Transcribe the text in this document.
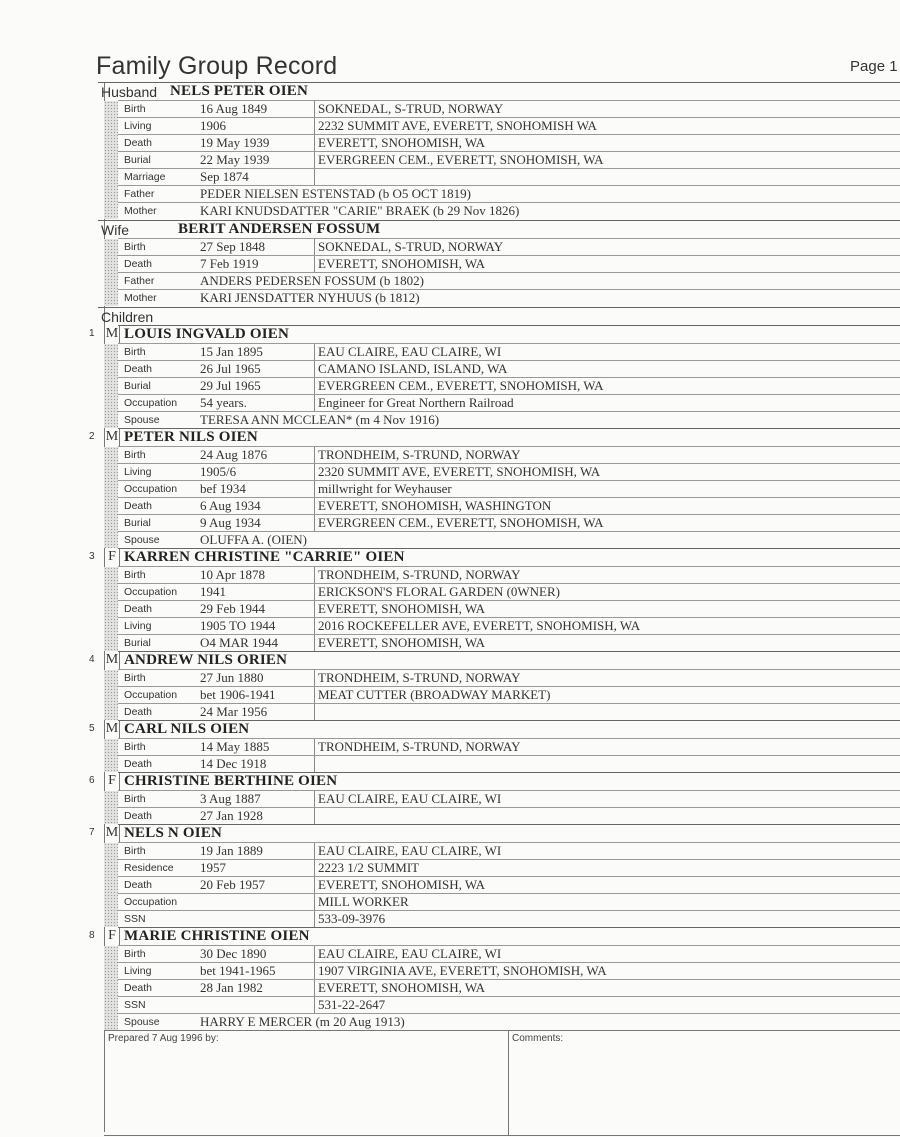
Family Group Record	Page 1
Husband NELS PETER OIEN
Birth	16 Aug 1849	SOKNEDAL, S-TRUD, NORWAY
Living	1906	2232 SUMMIT AVE, EVERETT, SNOHOMISH WA
Death	19 May 1939	EVERETT, SNOHOMISH, WA
Burial	22 May 1939	EVERGREEN CEM., EVERETT, SNOHOMISH, WA
Marriage	Sep 1874
Father	PEDER NIELSEN ESTENSTAD (b O5 OCT 1819)
Mother	KARI KNUDSDATTER "CARIE" BRAEK (b 29 Nov 1826)
Wife	BERIT ANDERSEN FOSSUM
Birth	27 Sep 1848	SOKNEDAL, S-TRUD, NORWAY
Death	7 Feb 1919	EVERETT, SNOHOMISH, WA
Father	ANDERS PEDERSEN FOSSUM (b 1802)
Mother	KARI JENSDATTER NYHUUS (b 1812)
Children
LOUIS INGVALD OIEN
1 M
Birth	15 Jan 1895	EAU CLAIRE, EAU CLAIRE, WI
Death	26 Jul 1965	CAMANO ISLAND, ISLAND, WA
Burial	29 Jul 1965	EVERGREEN CEM., EVERETT, SNOHOMISH, WA
Occupation 54 years.	Engineer for Great Northern Railroad
Spouse	TERESA ANN MCCLEAN* (m 4 Nov 1916)
PETER NILS OIEN
2 M
Birth	24 Aug 1876	TRONDHEIM, S-TRUND, NORWAY
Living	1905/6	2320 SUMMIT AVE, EVERETT, SNOHOMISH, WA
Occupation bef 1934	millwright for Weyhauser
Death	6 Aug 1934	EVERETT, SNOHOMISH, WASHINGTON
Burial	9 Aug 1934	EVERGREEN CEM., EVERETT, SNOHOMISH, WA
Spouse	OLUFFA A. (OIEN)
KARREN CHRISTINE "CARRIE" OIEN
3 F
Birth	10 Apr 1878	TRONDHEIM, S-TRUND, NORWAY
Occupation 1941	ERICKSON'S FLORAL GARDEN (0WNER)
Death	29 Feb 1944	EVERETT, SNOHOMISH, WA
Living	1905 TO 1944	2016 ROCKEFELLER AVE, EVERETT, SNOHOMISH, WA
Burial	O4 MAR 1944	EVERETT, SNOHOMISH, WA
ANDREW NILS ORIEN
4 M
Birth	27 Jun 1880	TRONDHEIM, S-TRUND, NORWAY
Occupation bet 1906-1941	MEAT CUTTER (BROADWAY MARKET)
Death	24 Mar 1956
CARL NILS OIEN
5 M
Birth	14 May 1885	TRONDHEIM, S-TRUND, NORWAY
Death	14 Dec 1918
CHRISTINE BERTHINE OIEN
6 F
Birth	3 Aug 1887	EAU CLAIRE, EAU CLAIRE, WI
Death	27 Jan 1928
NELS N OIEN
7 M
Birth	19 Jan 1889	EAU CLAIRE, EAU CLAIRE, WI
Residence 1957	2223 1/2 SUMMIT
Death	20 Feb 1957	EVERETT, SNOHOMISH, WA
Occupation	MILL WORKER
SSN	533-09-3976
MARIE CHRISTINE OIEN
8 F
Birth	30 Dec 1890	EAU CLAIRE, EAU CLAIRE, WI
Living	bet 1941-1965	1907 VIRGINIA AVE, EVERETT, SNOHOMISH, WA
Death	28 Jan 1982	EVERETT, SNOHOMISH, WA
SSN	531-22-2647
Spouse	HARRY E MERCER (m 20 Aug 1913)
Prepared 7 Aug 1996 by:	Comments:
